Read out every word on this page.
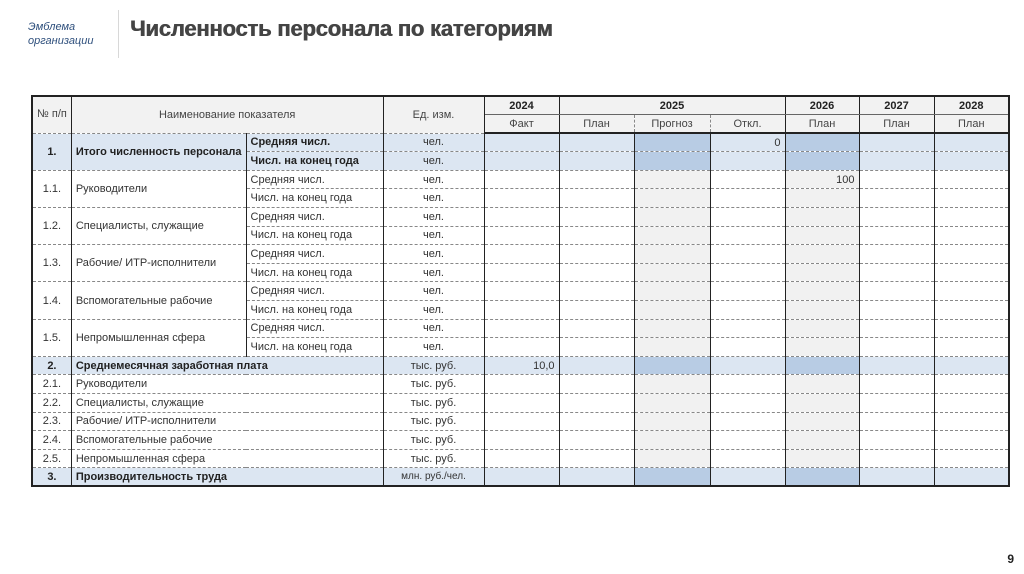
Эмблема организации	Численность персонала по категориям
№ п/п	Наименование показателя		Ед. изм.	2024	2025			2026	2027	2028
				Факт	План	Прогноз	Откл.	План	План	План
1.	Итого численность персонала	Средняя числ.	чел.				0			
		Числ. на конец года	чел.							
1.1.	Руководители	Средняя числ.	чел.					100		
		Числ. на конец года	чел.							
1.2.	Специалисты, служащие	Средняя числ.	чел.							
		Числ. на конец года	чел.							
1.3.	Рабочие/ ИТР-исполнители	Средняя числ.	чел.							
		Числ. на конец года	чел.							
1.4.	Вспомогательные рабочие	Средняя числ.	чел.							
		Числ. на конец года	чел.							
1.5.	Непромышленная сфера	Средняя числ.	чел.							
		Числ. на конец года	чел.							
2.	Среднемесячная заработная плата		тыс. руб.	10,0						
2.1.	Руководители		тыс. руб.							
2.2.	Специалисты, служащие		тыс. руб.							
2.3.	Рабочие/ ИТР-исполнители		тыс. руб.							
2.4.	Вспомогательные рабочие		тыс. руб.							
2.5.	Непромышленная сфера		тыс. руб.							
3.	Производительность труда		млн. руб./чел.							
9
